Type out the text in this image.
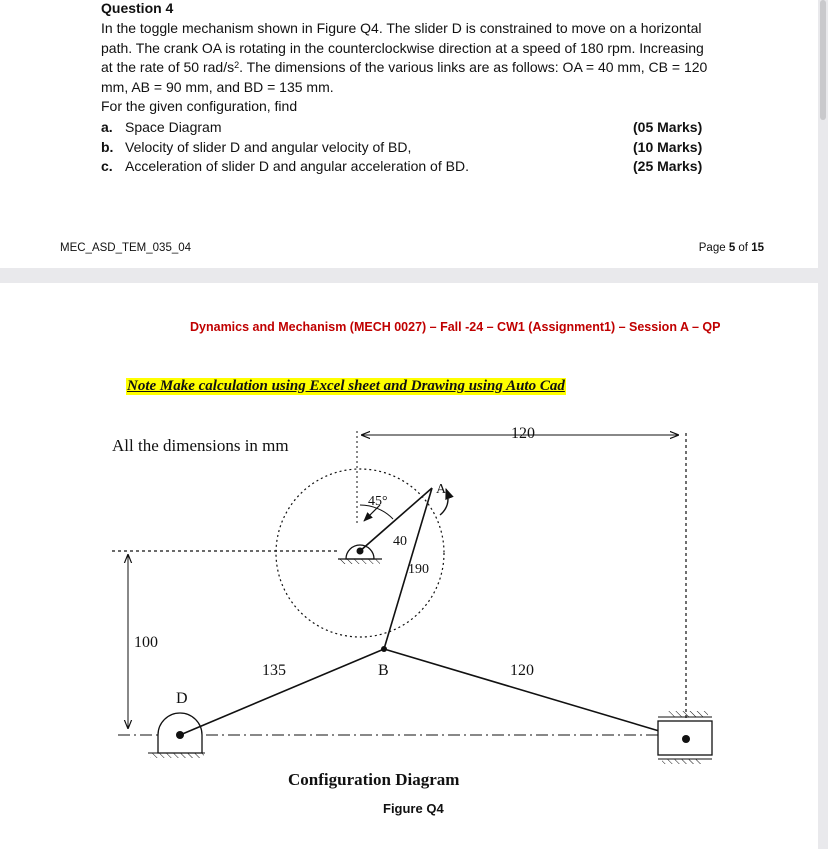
Question 4
In the toggle mechanism shown in Figure Q4. The slider D is constrained to move on a horizontal
path. The crank OA is rotating in the counterclockwise direction at a speed of 180 rpm. Increasing
at the rate of 50 rad/$s^2$. The dimensions of the various links are as follows: OA = 40 mm, CB = 120
mm, AB = 90 mm, and BD = 135 mm.
For the given configuration, find
a. Space Diagram	(05 Marks)
b. Velocity of slider D and angular velocity of BD,	(10 Marks)
c. Acceleration of slider D and angular acceleration of BD.	(25 Marks)
MEC_ASD_TEM_035_04	Page 5 of 15
Dynamics and Mechanism (MECH 0027) – Fall -24 – CW1 (Assignment1) – Session A – QP
Note Make calculation using Excel sheet and Drawing using Auto Cad
All the dimensions in mm
120
45°
A
40
190
100
135	B	120
D
Configuration Diagram
Figure Q4
